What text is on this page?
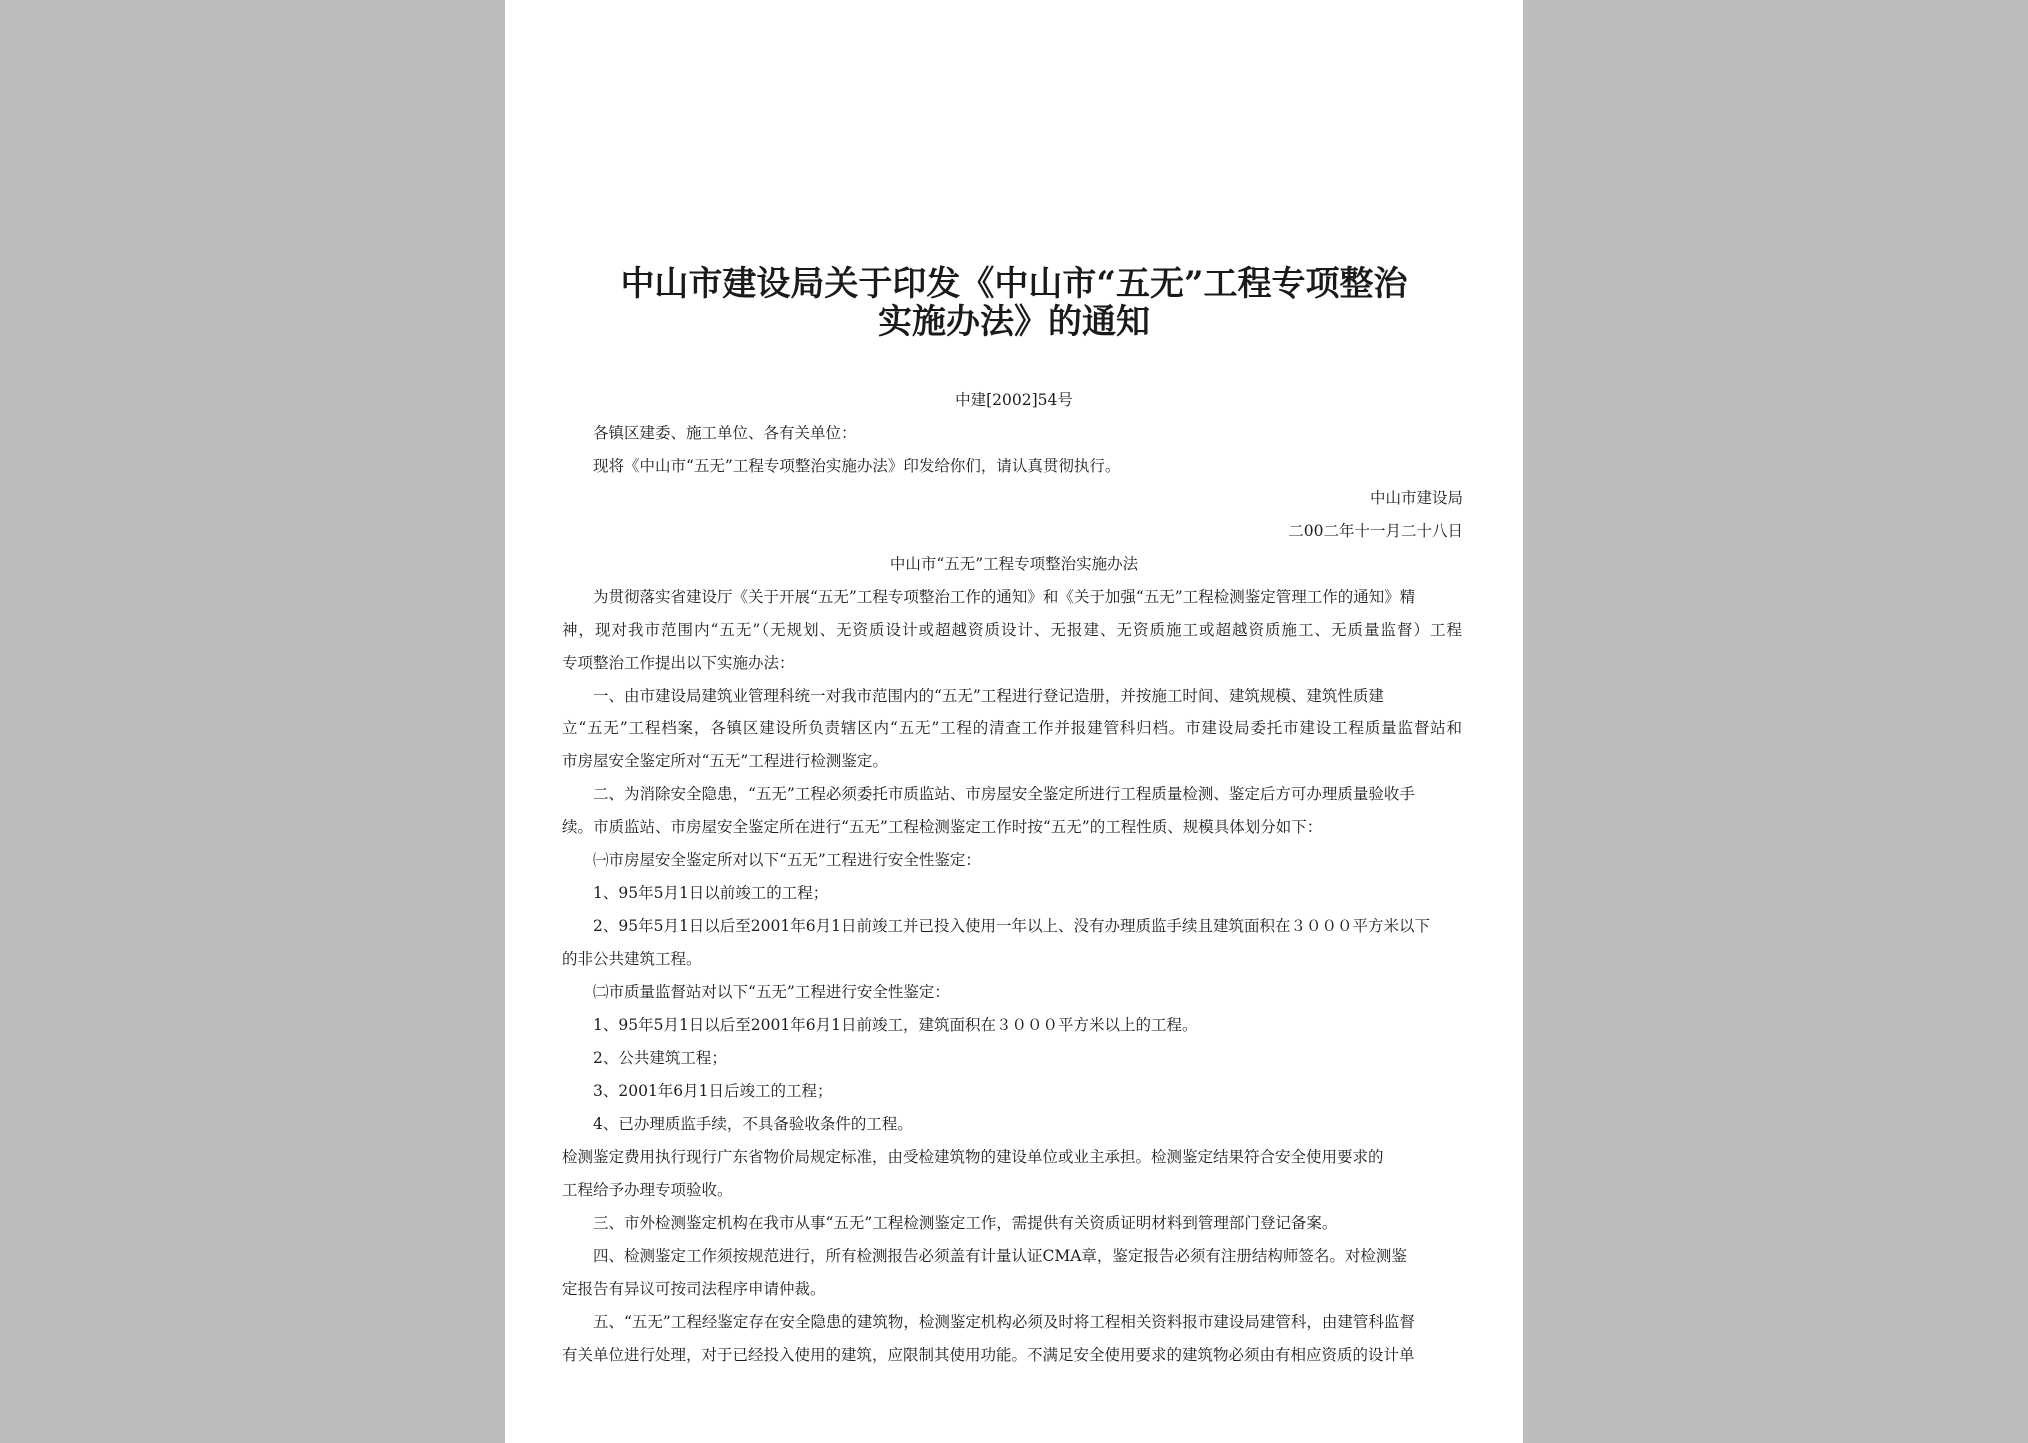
中山市建设局关于印发《中山市“五无”工程专项整治
实施办法》的通知
中建[2002]54号
各镇区建委、施工单位、各有关单位：
现将《中山市“五无”工程专项整治实施办法》印发给你们，请认真贯彻执行。
中山市建设局
二00二年十一月二十八日
中山市“五无”工程专项整治实施办法
为贯彻落实省建设厅《关于开展“五无”工程专项整治工作的通知》和《关于加强“五无”工程检测鉴定管理工作的通知》精
神，现对我市范围内“五无”（无规划、无资质设计或超越资质设计、无报建、无资质施工或超越资质施工、无质量监督）工程
专项整治工作提出以下实施办法：
一、由市建设局建筑业管理科统一对我市范围内的“五无”工程进行登记造册，并按施工时间、建筑规模、建筑性质建
立“五无”工程档案，各镇区建设所负责辖区内“五无”工程的清查工作并报建管科归档。市建设局委托市建设工程质量监督站和
市房屋安全鉴定所对“五无”工程进行检测鉴定。
二、为消除安全隐患，“五无”工程必须委托市质监站、市房屋安全鉴定所进行工程质量检测、鉴定后方可办理质量验收手
续。市质监站、市房屋安全鉴定所在进行“五无”工程检测鉴定工作时按“五无”的工程性质、规模具体划分如下：
㈠市房屋安全鉴定所对以下“五无”工程进行安全性鉴定：
1、95年5月1日以前竣工的工程；
2、95年5月1日以后至2001年6月1日前竣工并已投入使用一年以上、没有办理质监手续且建筑面积在３０００平方米以下
的非公共建筑工程。
㈡市质量监督站对以下“五无”工程进行安全性鉴定：
1、95年5月1日以后至2001年6月1日前竣工，建筑面积在３０００平方米以上的工程。
2、公共建筑工程；
3、2001年6月1日后竣工的工程；
4、已办理质监手续，不具备验收条件的工程。
检测鉴定费用执行现行广东省物价局规定标准，由受检建筑物的建设单位或业主承担。检测鉴定结果符合安全使用要求的
工程给予办理专项验收。
三、市外检测鉴定机构在我市从事“五无”工程检测鉴定工作，需提供有关资质证明材料到管理部门登记备案。
四、检测鉴定工作须按规范进行，所有检测报告必须盖有计量认证CMA章，鉴定报告必须有注册结构师签名。对检测鉴
定报告有异议可按司法程序申请仲裁。
五、“五无”工程经鉴定存在安全隐患的建筑物，检测鉴定机构必须及时将工程相关资料报市建设局建管科，由建管科监督
有关单位进行处理，对于已经投入使用的建筑，应限制其使用功能。不满足安全使用要求的建筑物必须由有相应资质的设计单
